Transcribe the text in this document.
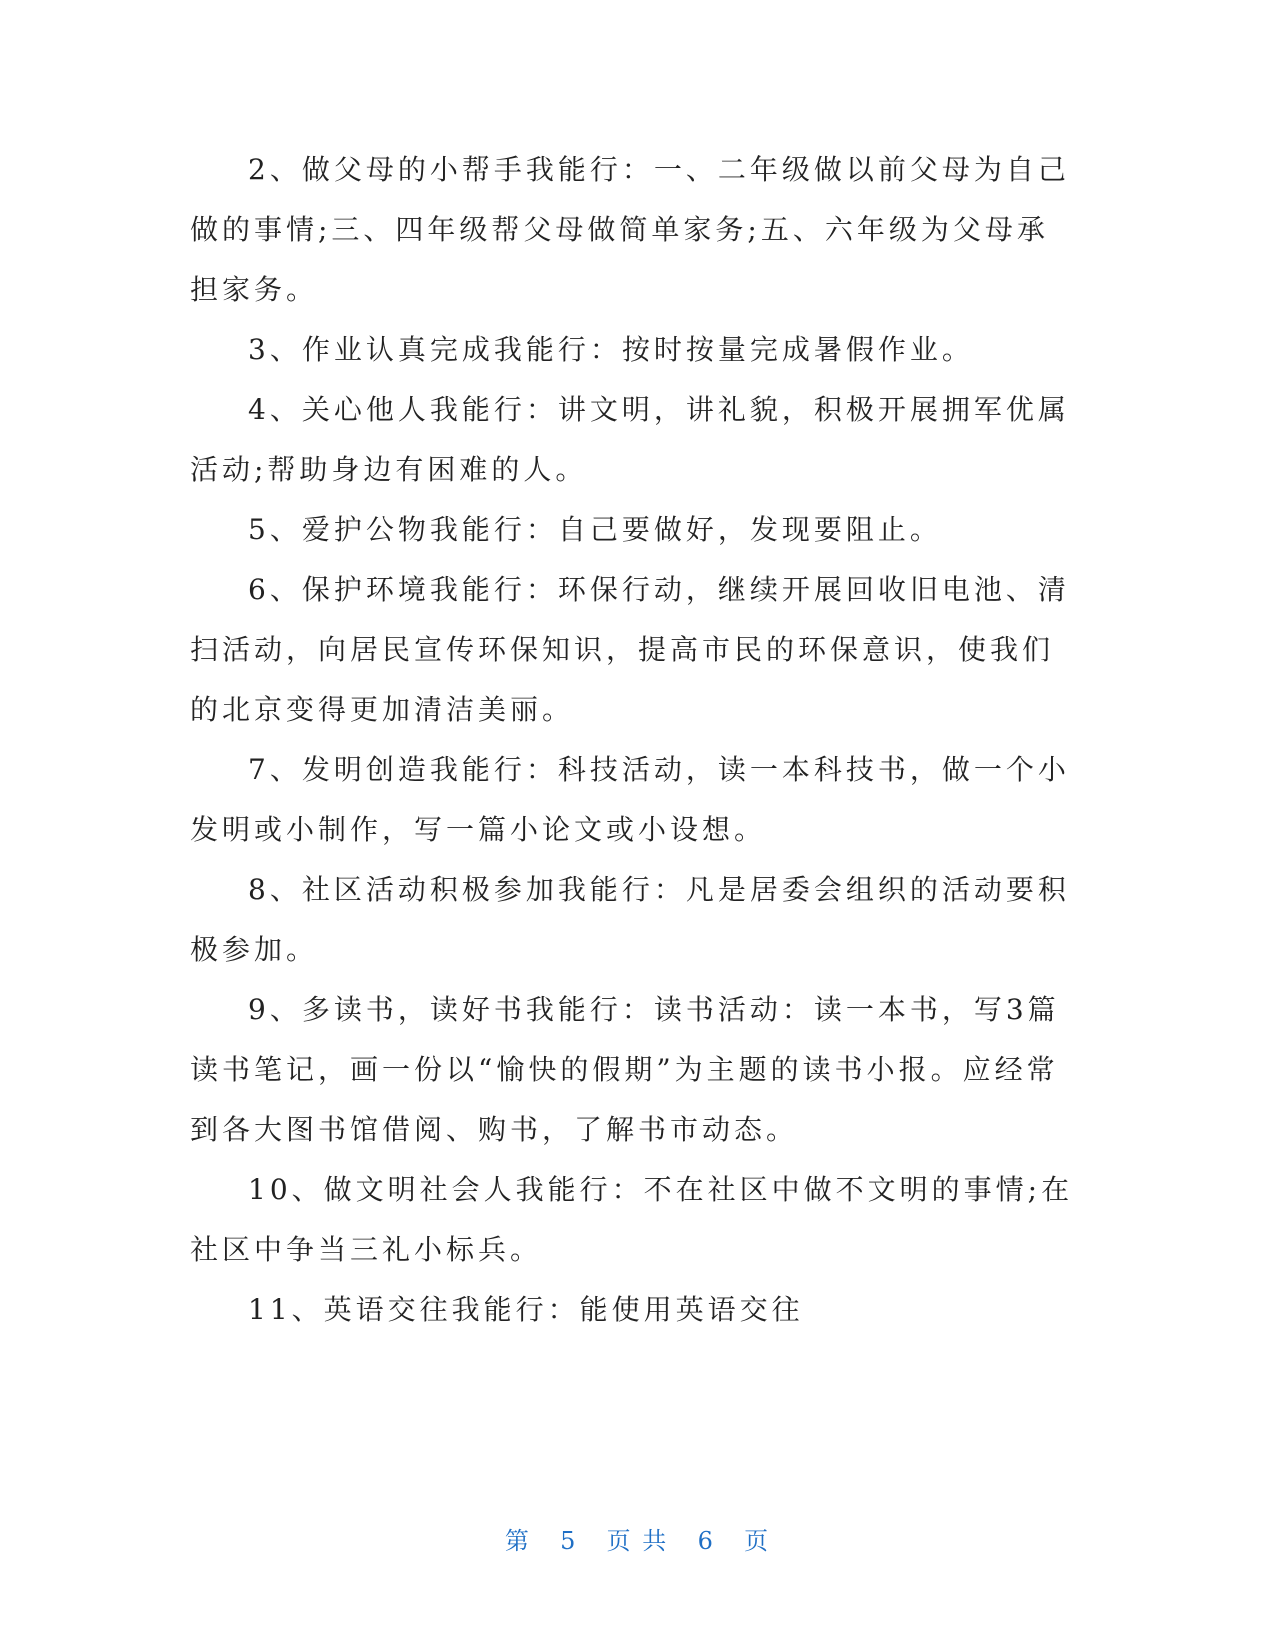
2、做父母的小帮手我能行：一、二年级做以前父母为自己做的事情;三、四年级帮父母做简单家务;五、六年级为父母承担家务。

3、作业认真完成我能行：按时按量完成暑假作业。

4、关心他人我能行：讲文明，讲礼貌，积极开展拥军优属活动;帮助身边有困难的人。

5、爱护公物我能行：自己要做好，发现要阻止。

6、保护环境我能行：环保行动，继续开展回收旧电池、清扫活动，向居民宣传环保知识，提高市民的环保意识，使我们的北京变得更加清洁美丽。

7、发明创造我能行：科技活动，读一本科技书，做一个小发明或小制作，写一篇小论文或小设想。

8、社区活动积极参加我能行：凡是居委会组织的活动要积极参加。

9、多读书，读好书我能行：读书活动：读一本书，写3篇读书笔记，画一份以“愉快的假期”为主题的读书小报。应经常到各大图书馆借阅、购书，了解书市动态。

10、做文明社会人我能行：不在社区中做不文明的事情;在社区中争当三礼小标兵。

11、英语交往我能行：能使用英语交往

第 5 页 共 6 页
